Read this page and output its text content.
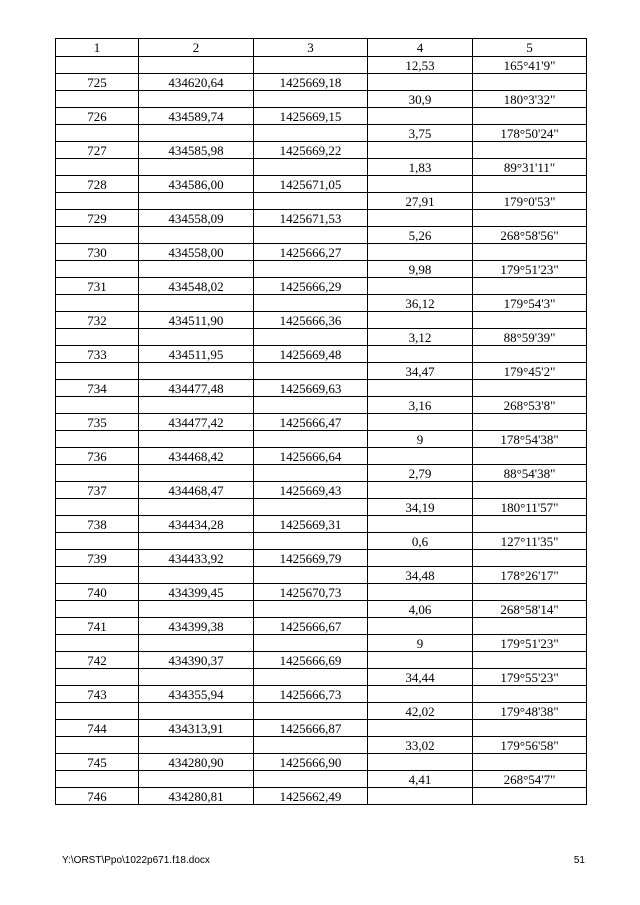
1	2	3	4	5
			12,53	165°41'9"
725	434620,64	1425669,18		
			30,9	180°3'32"
726	434589,74	1425669,15		
			3,75	178°50'24"
727	434585,98	1425669,22		
			1,83	89°31'11"
728	434586,00	1425671,05		
			27,91	179°0'53"
729	434558,09	1425671,53		
			5,26	268°58'56"
730	434558,00	1425666,27		
			9,98	179°51'23"
731	434548,02	1425666,29		
			36,12	179°54'3"
732	434511,90	1425666,36		
			3,12	88°59'39"
733	434511,95	1425669,48		
			34,47	179°45'2"
734	434477,48	1425669,63		
			3,16	268°53'8"
735	434477,42	1425666,47		
			9	178°54'38"
736	434468,42	1425666,64		
			2,79	88°54'38"
737	434468,47	1425669,43		
			34,19	180°11'57"
738	434434,28	1425669,31		
			0,6	127°11'35"
739	434433,92	1425669,79		
			34,48	178°26'17"
740	434399,45	1425670,73		
			4,06	268°58'14"
741	434399,38	1425666,67		
			9	179°51'23"
742	434390,37	1425666,69		
			34,44	179°55'23"
743	434355,94	1425666,73		
			42,02	179°48'38"
744	434313,91	1425666,87		
			33,02	179°56'58"
745	434280,90	1425666,90		
			4,41	268°54'7"
746	434280,81	1425662,49		
Y:\ORST\Ppo\1022p671.f18.docx	51
